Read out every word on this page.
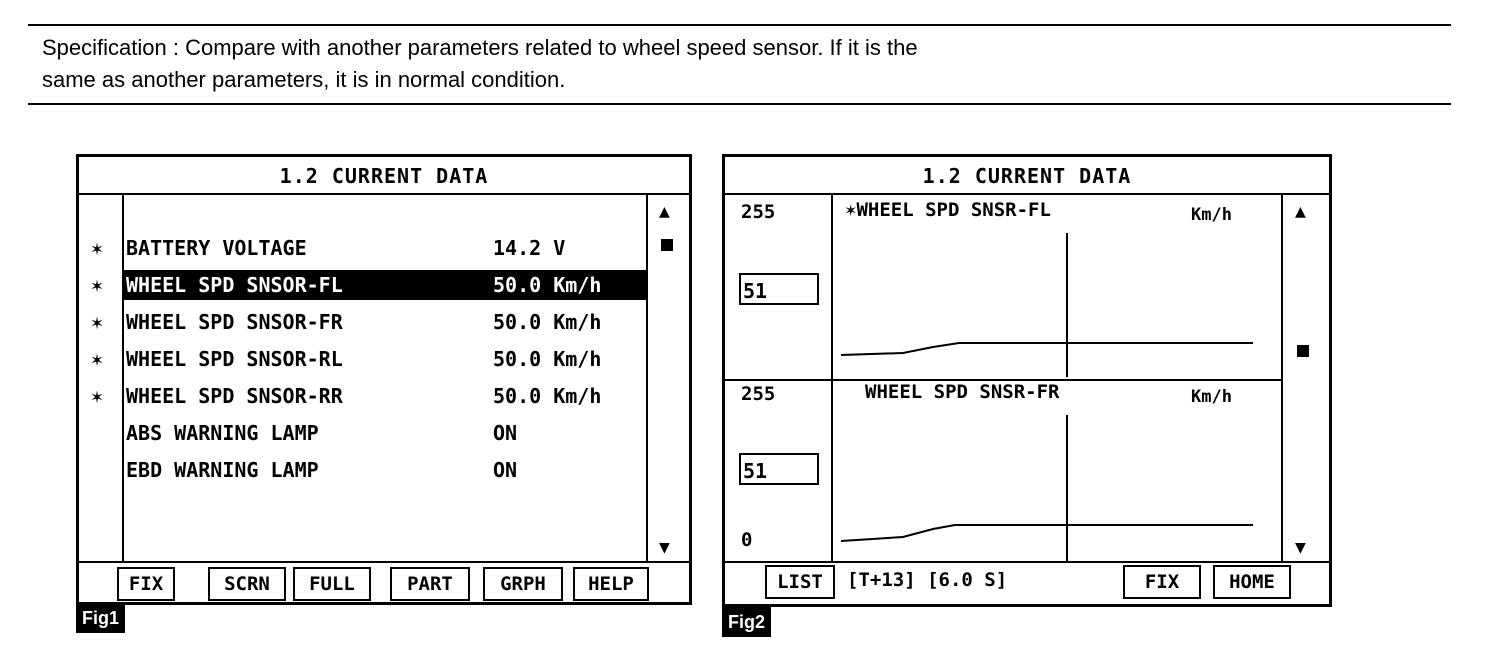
Specification : Compare with another parameters related to wheel speed sensor. If it is the
same as another parameters, it is in normal condition.
1.2 CURRENT DATA
✶ BATTERY VOLTAGE	14.2 V
✶ WHEEL SPD SNSOR-FL	50.0 Km/h
✶ WHEEL SPD SNSOR-FR	50.0 Km/h
✶ WHEEL SPD SNSOR-RL	50.0 Km/h
✶ WHEEL SPD SNSOR-RR	50.0 Km/h
ABS WARNING LAMP	ON
EBD WARNING LAMP	ON
▲
▼
FIX	SCRN	FULL	PART	GRPH	HELP
Fig1
1.2 CURRENT DATA
255
51
✶WHEEL SPD SNSR-FL	Km/h
255
51
0
WHEEL SPD SNSR-FR	Km/h
▲
▼
LIST	[T+13] [6.0 S]	FIX	HOME
Fig2
